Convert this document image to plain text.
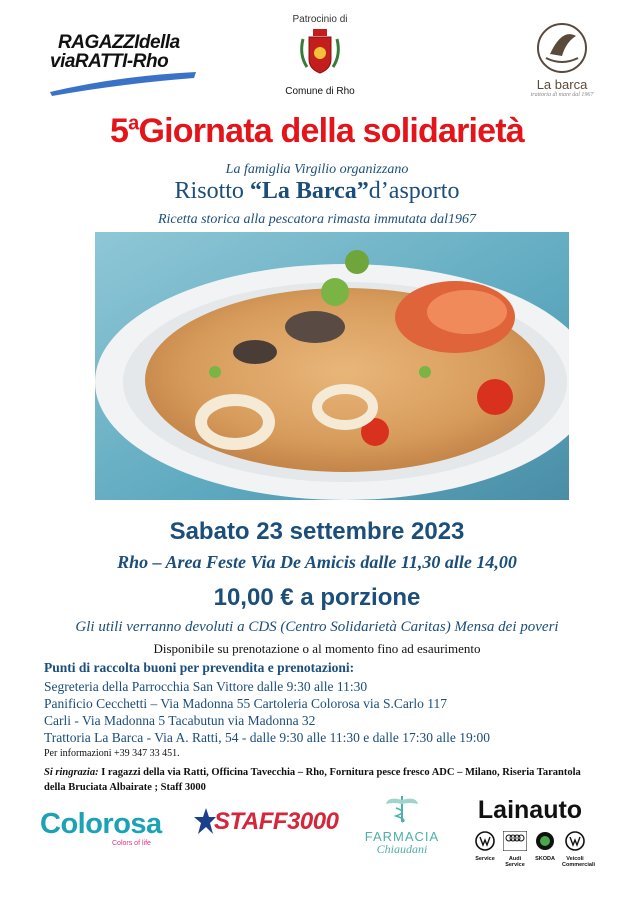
RAGAZZIdella
viaRATTI-Rho
Patrocinio di
Comune di Rho	La barca
trattoria di mare dal 1967
5$^a$Giornata della solidarietà
La famiglia Virgilio organizzano
Risotto “La Barca”d’asporto
Ricetta storica alla pescatora rimasta immutata dal1967
Sabato 23 settembre 2023
Rho – Area Feste Via De Amicis dalle 11,30 alle 14,00
10,00 € a porzione
Gli utili verranno devoluti a CDS (Centro Solidarietà Caritas) Mensa dei poveri
Disponibile su prenotazione o al momento fino ad esaurimento
Punti di raccolta buoni per prevendita e prenotazioni:
Segreteria della Parrocchia San Vittore dalle 9:30 alle 11:30
Panificio Cecchetti – Via Madonna 55 Cartoleria Colorosa via S.Carlo 117
Carli - Via Madonna 5 Tacabutun via Madonna 32
Trattoria La Barca - Via A. Ratti, 54 - dalle 9:30 alle 11:30 e dalle 17:30 alle 19:00
Per informazioni +39 347 33 451.
Si ringrazia: I ragazzi della via Ratti, Officina Tavecchia – Rho, Fornitura pesce fresco ADC – Milano, Riseria Tarantola della Bruciata Albairate ; Staff 3000
Colorosa
Colors of life
STAFF3000
FARMACIA
Chiaudani
Lainauto
Service	Audi Service
SKODA	Veicoli Commerciali
